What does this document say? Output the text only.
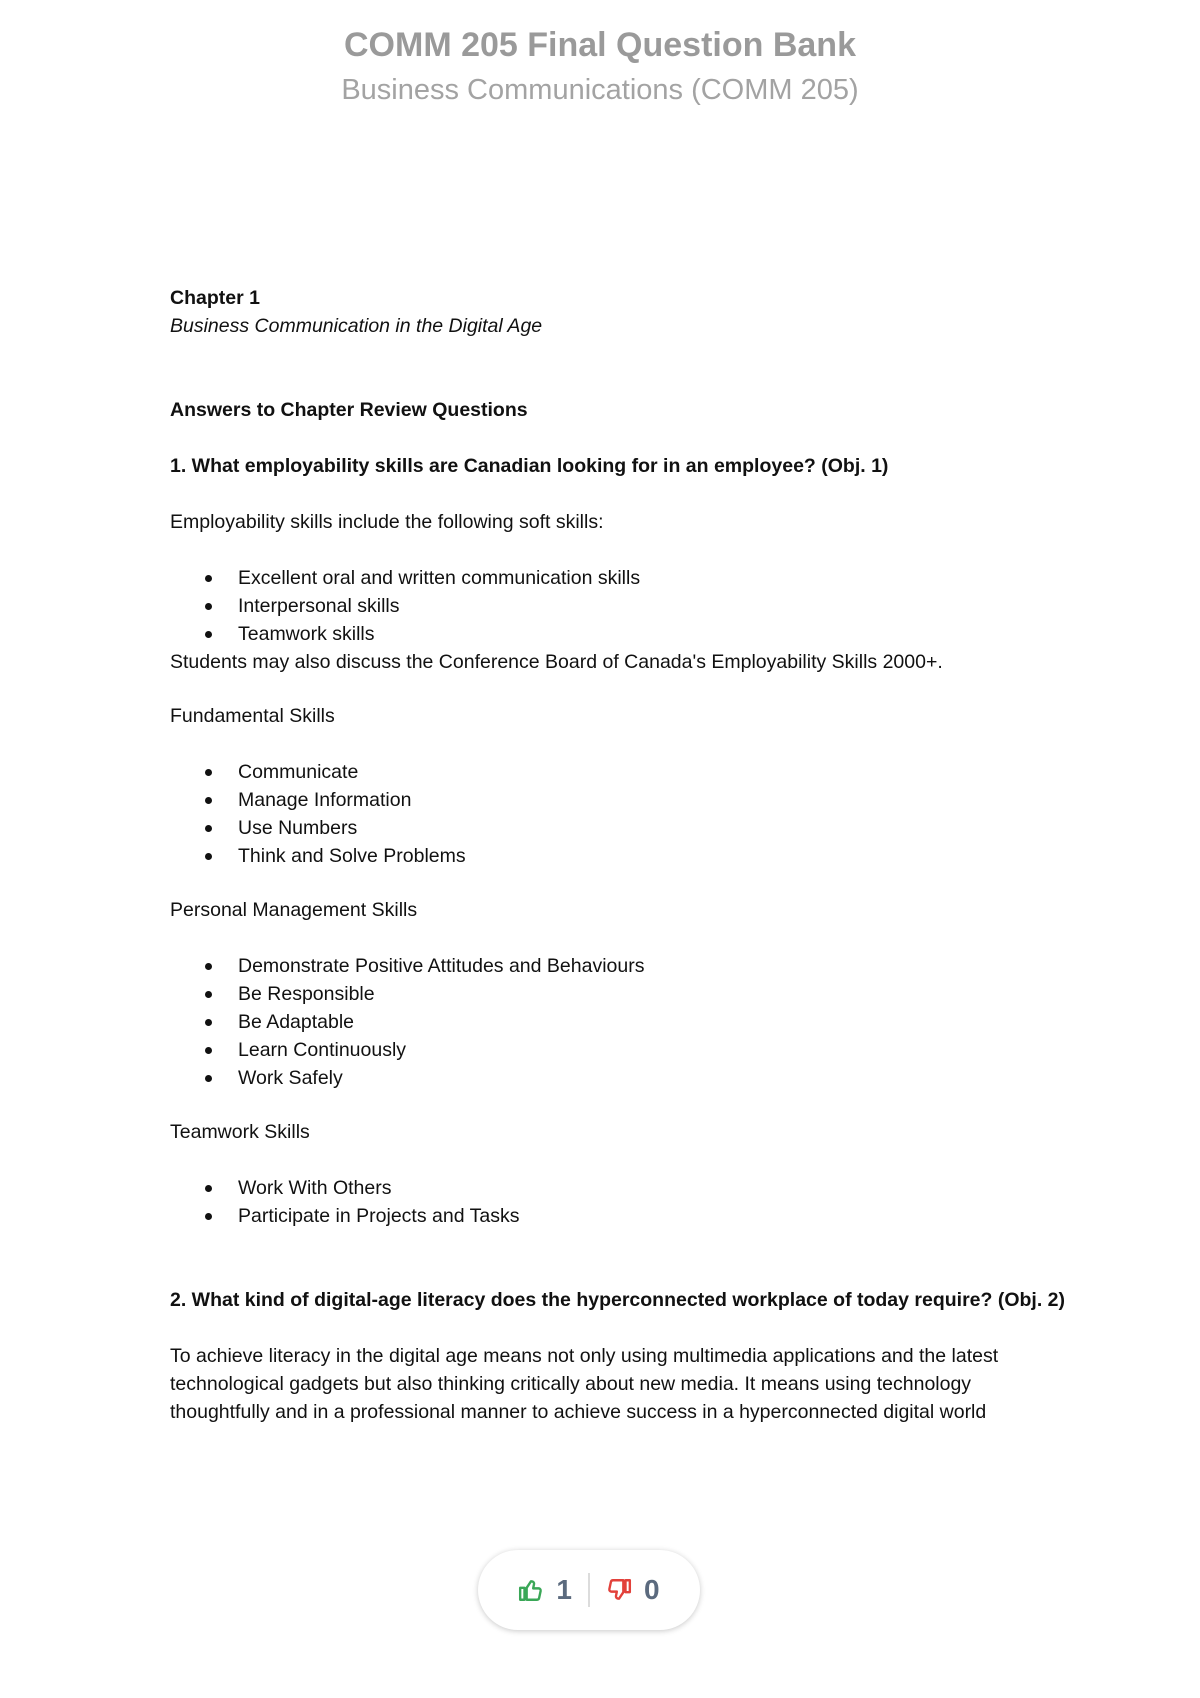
COMM 205 Final Question Bank
Business Communications (COMM 205)

Chapter 1

Business Communication in the Digital Age

Answers to Chapter Review Questions

1. What employability skills are Canadian looking for in an employee? (Obj. 1)

Employability skills include the following soft skills:

Excellent oral and written communication skills
Interpersonal skills
Teamwork skills

Students may also discuss the Conference Board of Canada's Employability Skills 2000+.

Fundamental Skills

Communicate
Manage Information
Use Numbers
Think and Solve Problems

Personal Management Skills

Demonstrate Positive Attitudes and Behaviours
Be Responsible
Be Adaptable
Learn Continuously
Work Safely

Teamwork Skills

Work With Others
Participate in Projects and Tasks

2. What kind of digital-age literacy does the hyperconnected workplace of today require? (Obj. 2)

To achieve literacy in the digital age means not only using multimedia applications and the latest technological gadgets but also thinking critically about new media. It means using technology thoughtfully and in a professional manner to achieve success in a hyperconnected digital world

1	0
